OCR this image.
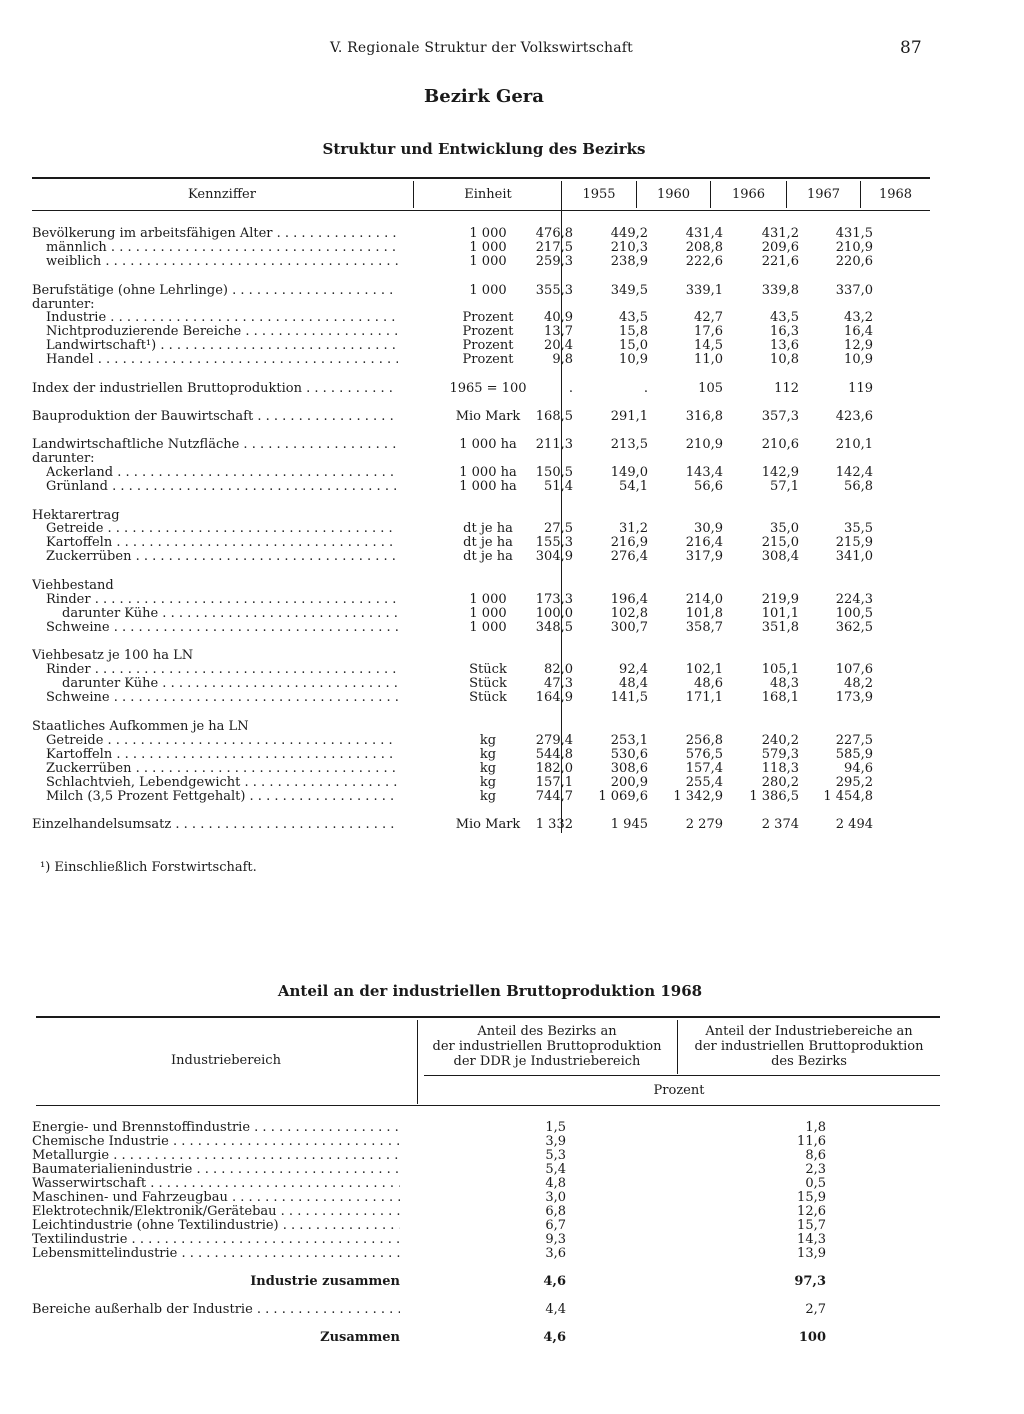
V. Regionale Struktur der Volkswirtschaft	87
Bezirk Gera
Struktur und Entwicklung des Bezirks
Kennziffer	Einheit	1955	1960	1966	1967	1968
Bevölkerung im arbeitsfähigen Alter . . .	1 000	476,8	449,2	431,4	431,2	431,5
männlich . . .	1 000	217,5	210,3	208,8	209,6	210,9
weiblich . . .	1 000	259,3	238,9	222,6	221,6	220,6
Berufstätige (ohne Lehrlinge) . . .	1 000	355,3	349,5	339,1	339,8	337,0
darunter:
Industrie . . .	Prozent	40,9	43,5	42,7	43,5	43,2
Nichtproduzierende Bereiche . . .	Prozent	13,7	15,8	17,6	16,3	16,4
Landwirtschaft¹) . . .	Prozent	20,4	15,0	14,5	13,6	12,9
Handel . . .	Prozent	9,8	10,9	11,0	10,8	10,9
Index der industriellen Bruttoproduktion . . .	1965 = 100	.	.	105	112	119
Bauproduktion der Bauwirtschaft . . .	Mio Mark	168,5	291,1	316,8	357,3	423,6
Landwirtschaftliche Nutzfläche . . .	1 000 ha	211,3	213,5	210,9	210,6	210,1
darunter:
Ackerland . . .	1 000 ha	150,5	149,0	143,4	142,9	142,4
Grünland . . .	1 000 ha	51,4	54,1	56,6	57,1	56,8
Hektarertrag
Getreide . . .	dt je ha	27,5	31,2	30,9	35,0	35,5
Kartoffeln . . .	dt je ha	155,3	216,9	216,4	215,0	215,9
Zuckerrüben . . .	dt je ha	304,9	276,4	317,9	308,4	341,0
Viehbestand
Rinder . . .	1 000	173,3	196,4	214,0	219,9	224,3
darunter Kühe . . .	1 000	100,0	102,8	101,8	101,1	100,5
Schweine . . .	1 000	348,5	300,7	358,7	351,8	362,5
Viehbesatz je 100 ha LN
Rinder . . .	Stück	82,0	92,4	102,1	105,1	107,6
darunter Kühe . . .	Stück	47,3	48,4	48,6	48,3	48,2
Schweine . . .	Stück	164,9	141,5	171,1	168,1	173,9
Staatliches Aufkommen je ha LN
Getreide . . .	kg	279,4	253,1	256,8	240,2	227,5
Kartoffeln . . .	kg	544,8	530,6	576,5	579,3	585,9
Zuckerrüben . . .	kg	182,0	308,6	157,4	118,3	94,6
Schlachtvieh, Lebendgewicht . . .	kg	157,1	200,9	255,4	280,2	295,2
Milch (3,5 Prozent Fettgehalt) . . .	kg	744,7	1 069,6	1 342,9	1 386,5	1 454,8
Einzelhandelsumsatz . . .	Mio Mark	1 332	1 945	2 279	2 374	2 494
¹) Einschließlich Forstwirtschaft.
Anteil an der industriellen Bruttoproduktion 1968
Industriebereich
Anteil des Bezirks an
der industriellen Bruttoproduktion
der DDR je Industriebereich
Anteil der Industriebereiche an
der industriellen Bruttoproduktion
des Bezirks
Prozent
Energie- und Brennstoffindustrie . . .	1,5	1,8
Chemische Industrie . . .	3,9	11,6
Metallurgie . . .	5,3	8,6
Baumaterialienindustrie . . .	5,4	2,3
Wasserwirtschaft . . .	4,8	0,5
Maschinen- und Fahrzeugbau . . .	3,0	15,9
Elektrotechnik/Elektronik/Gerätebau . . .	6,8	12,6
Leichtindustrie (ohne Textilindustrie) . . .	6,7	15,7
Textilindustrie . . .	9,3	14,3
Lebensmittelindustrie . . .	3,6	13,9
Industrie zusammen	4,6	97,3
Bereiche außerhalb der Industrie . . .	4,4	2,7
Zusammen	4,6	100
